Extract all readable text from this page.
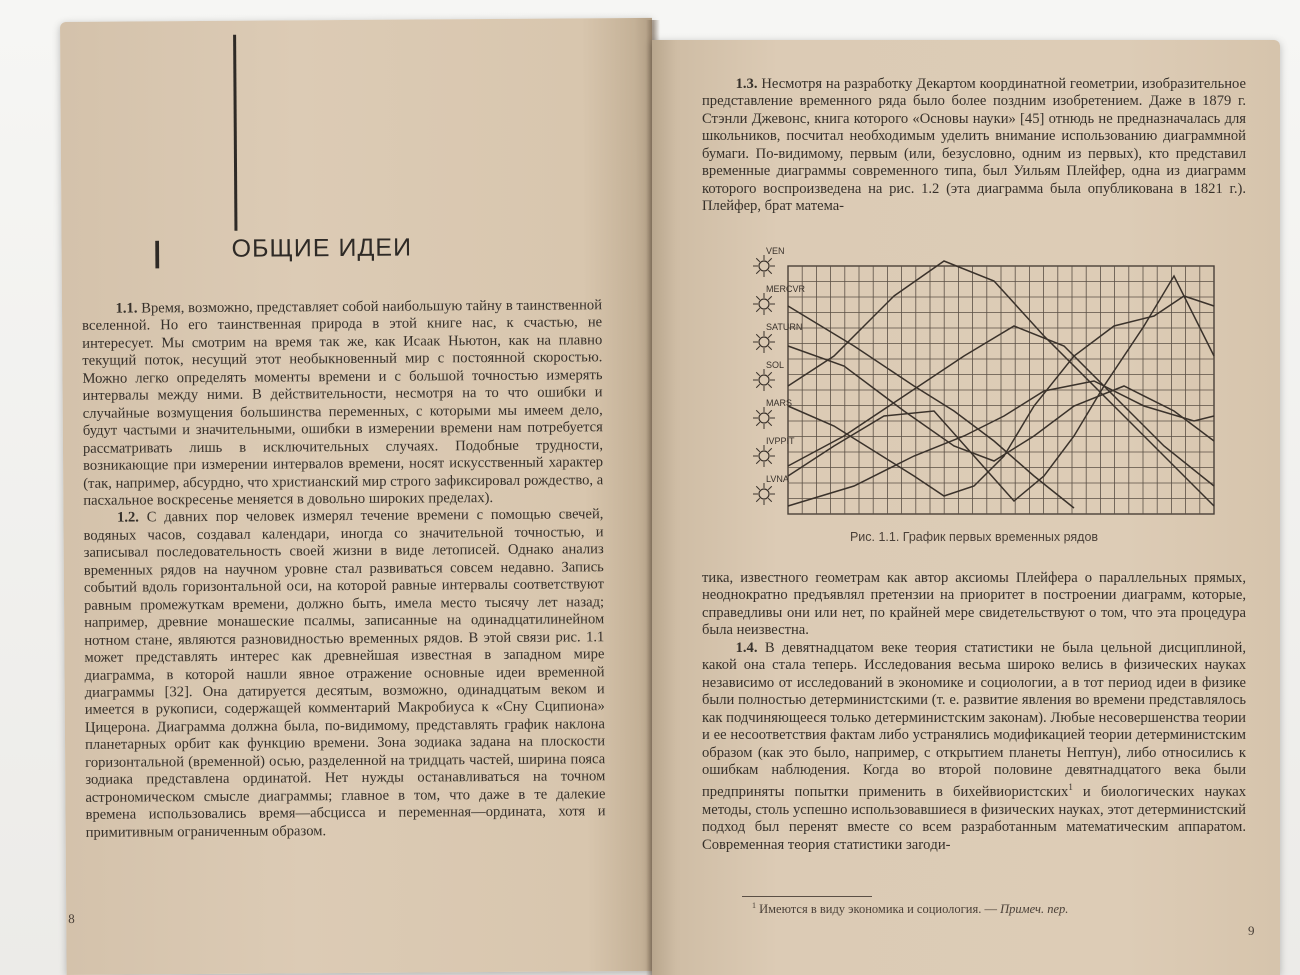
I	ОБЩИЕ ИДЕИ

1.1. Время, возможно, представляет собой наибольшую тайну в таинственной вселенной. Но его таинственная природа в этой книге нас, к счастью, не интересует. Мы смотрим на время так же, как Исаак Ньютон, как на плавно текущий поток, несущий этот необыкновенный мир с постоянной скоростью. Можно легко определять моменты времени и с большой точностью измерять интервалы между ними. В действительности, несмотря на то что ошибки и случайные возмущения большинства переменных, с которыми мы имеем дело, будут частыми и значительными, ошибки в измерении времени нам потребуется рассматривать лишь в исключительных случаях. Подобные трудности, возникающие при измерении интервалов времени, носят искусственный характер (так, например, абсурдно, что христианский мир строго зафиксировал рождество, а пасхальное воскресенье меняется в довольно широких пределах).

1.2. С давних пор человек измерял течение времени с помощью свечей, водяных часов, создавал календари, иногда со значительной точностью, и записывал последовательность своей жизни в виде летописей. Однако анализ временных рядов на научном уровне стал развиваться совсем недавно. Запись событий вдоль горизонтальной оси, на которой равные интервалы соответствуют равным промежуткам времени, должно быть, имела место тысячу лет назад; например, древние монашеские псалмы, записанные на одинадцатилинейном нотном стане, являются разновидностью временных рядов. В этой связи рис. 1.1 может представлять интерес как древнейшая известная в западном мире диаграмма, в которой нашли явное отражение основные идеи временной диаграммы [32]. Она датируется десятым, возможно, одинадцатым веком и имеется в рукописи, содержащей комментарий Макробиуса к «Сну Сципиона» Цицерона. Диаграмма должна была, по-видимому, представлять график наклона планетарных орбит как функцию времени. Зона зодиака задана на плоскости горизонтальной (временной) осью, разделенной на тридцать частей, ширина пояса зодиака представлена ординатой. Нет нужды останавливаться на точном астрономическом смысле диаграммы; главное в том, что даже в те далекие времена использовались время—абсцисса и переменная—ордината, хотя и примитивным ограниченным образом.

8

1.3. Несмотря на разработку Декартом координатной геометрии, изобразительное представление временного ряда было более поздним изобретением. Даже в 1879 г. Стэнли Джевонс, книга которого «Основы науки» [45] отнюдь не предназначалась для школьников, посчитал необходимым уделить внимание использованию диаграммной бумаги. По-видимому, первым (или, безусловно, одним из первых), кто представил временные диаграммы современного типа, был Уильям Плейфер, одна из диаграмм которого воспроизведена на рис. 1.2 (эта диаграмма была опубликована в 1821 г.). Плейфер, брат матема-

VEN
MERCVR
SATURN
SOL
MARS
IVPPIT
LVNA
Рис. 1.1. График первых временных рядов

тика, известного геометрам как автор аксиомы Плейфера о параллельных прямых, неоднократно предъявлял претензии на приоритет в построении диаграмм, которые, справедливы они или нет, по крайней мере свидетельствуют о том, что эта процедура была неизвестна.

1.4. В девятнадцатом веке теория статистики не была цельной дисциплиной, какой она стала теперь. Исследования весьма широко велись в физических науках независимо от исследований в экономике и социологии, а в тот период идеи в физике были полностью детерминистскими (т. е. развитие явления во времени представлялось как подчиняющееся только детерминистским законам). Любые несовершенства теории и ее несоответствия фактам либо устранялись модификацией теории детерминистским образом (как это было, например, с открытием планеты Нептун), либо относились к ошибкам наблюдения. Когда во второй половине девятнадцатого века были предприняты попытки применить в бихейвиористских$^1$ и биологических науках методы, столь успешно использовавшиеся в физических науках, этот детерминистский подход был перенят вместе со всем разработанным математическим аппаратом. Современная теория статистики заroди-

$^1$ Имеются в виду экономика и социология. — Примеч. пер.
9
